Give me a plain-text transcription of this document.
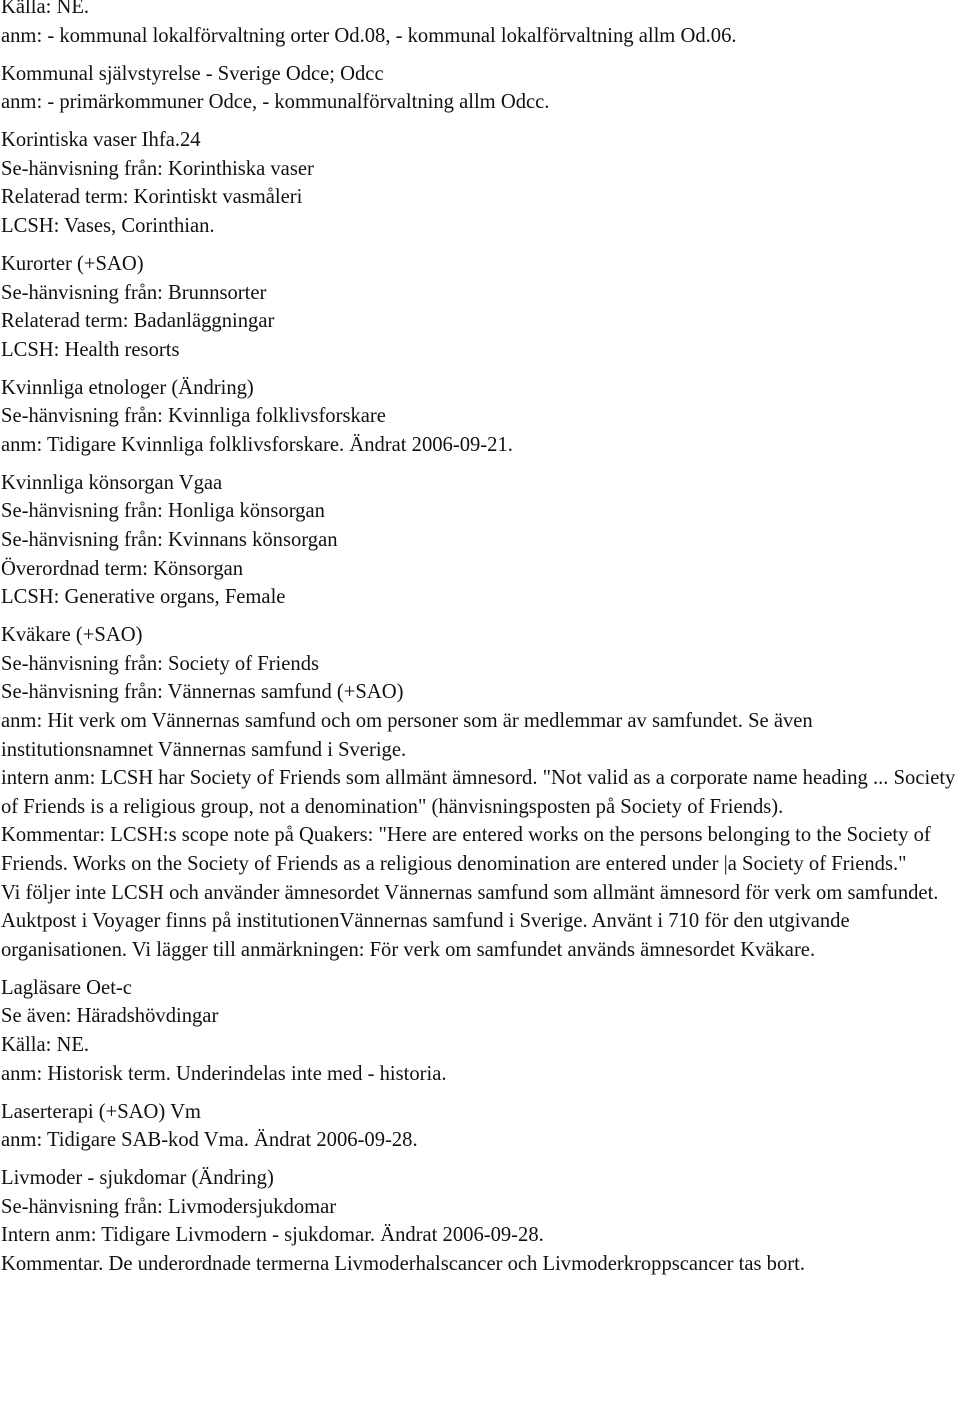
Källa: NE.
anm: - kommunal lokalförvaltning orter Od.08, - kommunal lokalförvaltning allm Od.06.
Kommunal självstyrelse - Sverige Odce; Odcc
anm: - primärkommuner Odce, - kommunalförvaltning allm Odcc.
Korintiska vaser Ihfa.24
Se-hänvisning från: Korinthiska vaser
Relaterad term: Korintiskt vasmåleri
LCSH: Vases, Corinthian.
Kurorter (+SAO)
Se-hänvisning från: Brunnsorter
Relaterad term: Badanläggningar
LCSH: Health resorts
Kvinnliga etnologer (Ändring)
Se-hänvisning från: Kvinnliga folklivsforskare
anm: Tidigare Kvinnliga folklivsforskare. Ändrat 2006-09-21.
Kvinnliga könsorgan Vgaa
Se-hänvisning från: Honliga könsorgan
Se-hänvisning från: Kvinnans könsorgan
Överordnad term: Könsorgan
LCSH: Generative organs, Female
Kväkare (+SAO)
Se-hänvisning från: Society of Friends
Se-hänvisning från: Vännernas samfund (+SAO)
anm: Hit verk om Vännernas samfund och om personer som är medlemmar av samfundet. Se även institutionsnamnet Vännernas samfund i Sverige.
intern anm: LCSH har Society of Friends som allmänt ämnesord. "Not valid as a corporate name heading ... Society of Friends is a religious group, not a denomination" (hänvisningsposten på Society of Friends).
Kommentar: LCSH:s scope note på Quakers: "Here are entered works on the persons belonging to the Society of Friends. Works on the Society of Friends as a religious denomination are entered under |a Society of Friends."
Vi följer inte LCSH och använder ämnesordet Vännernas samfund som allmänt ämnesord för verk om samfundet.
Auktpost i Voyager finns på institutionenVännernas samfund i Sverige. Använt i 710 för den utgivande organisationen. Vi lägger till anmärkningen: För verk om samfundet används ämnesordet Kväkare.
Lagläsare Oet-c
Se även: Häradshövdingar
Källa: NE.
anm: Historisk term. Underindelas inte med - historia.
Laserterapi (+SAO) Vm
anm: Tidigare SAB-kod Vma. Ändrat 2006-09-28.
Livmoder - sjukdomar (Ändring)
Se-hänvisning från: Livmodersjukdomar
Intern anm: Tidigare Livmodern - sjukdomar. Ändrat 2006-09-28.
Kommentar. De underordnade termerna Livmoderhalscancer och Livmoderkroppscancer tas bort.
